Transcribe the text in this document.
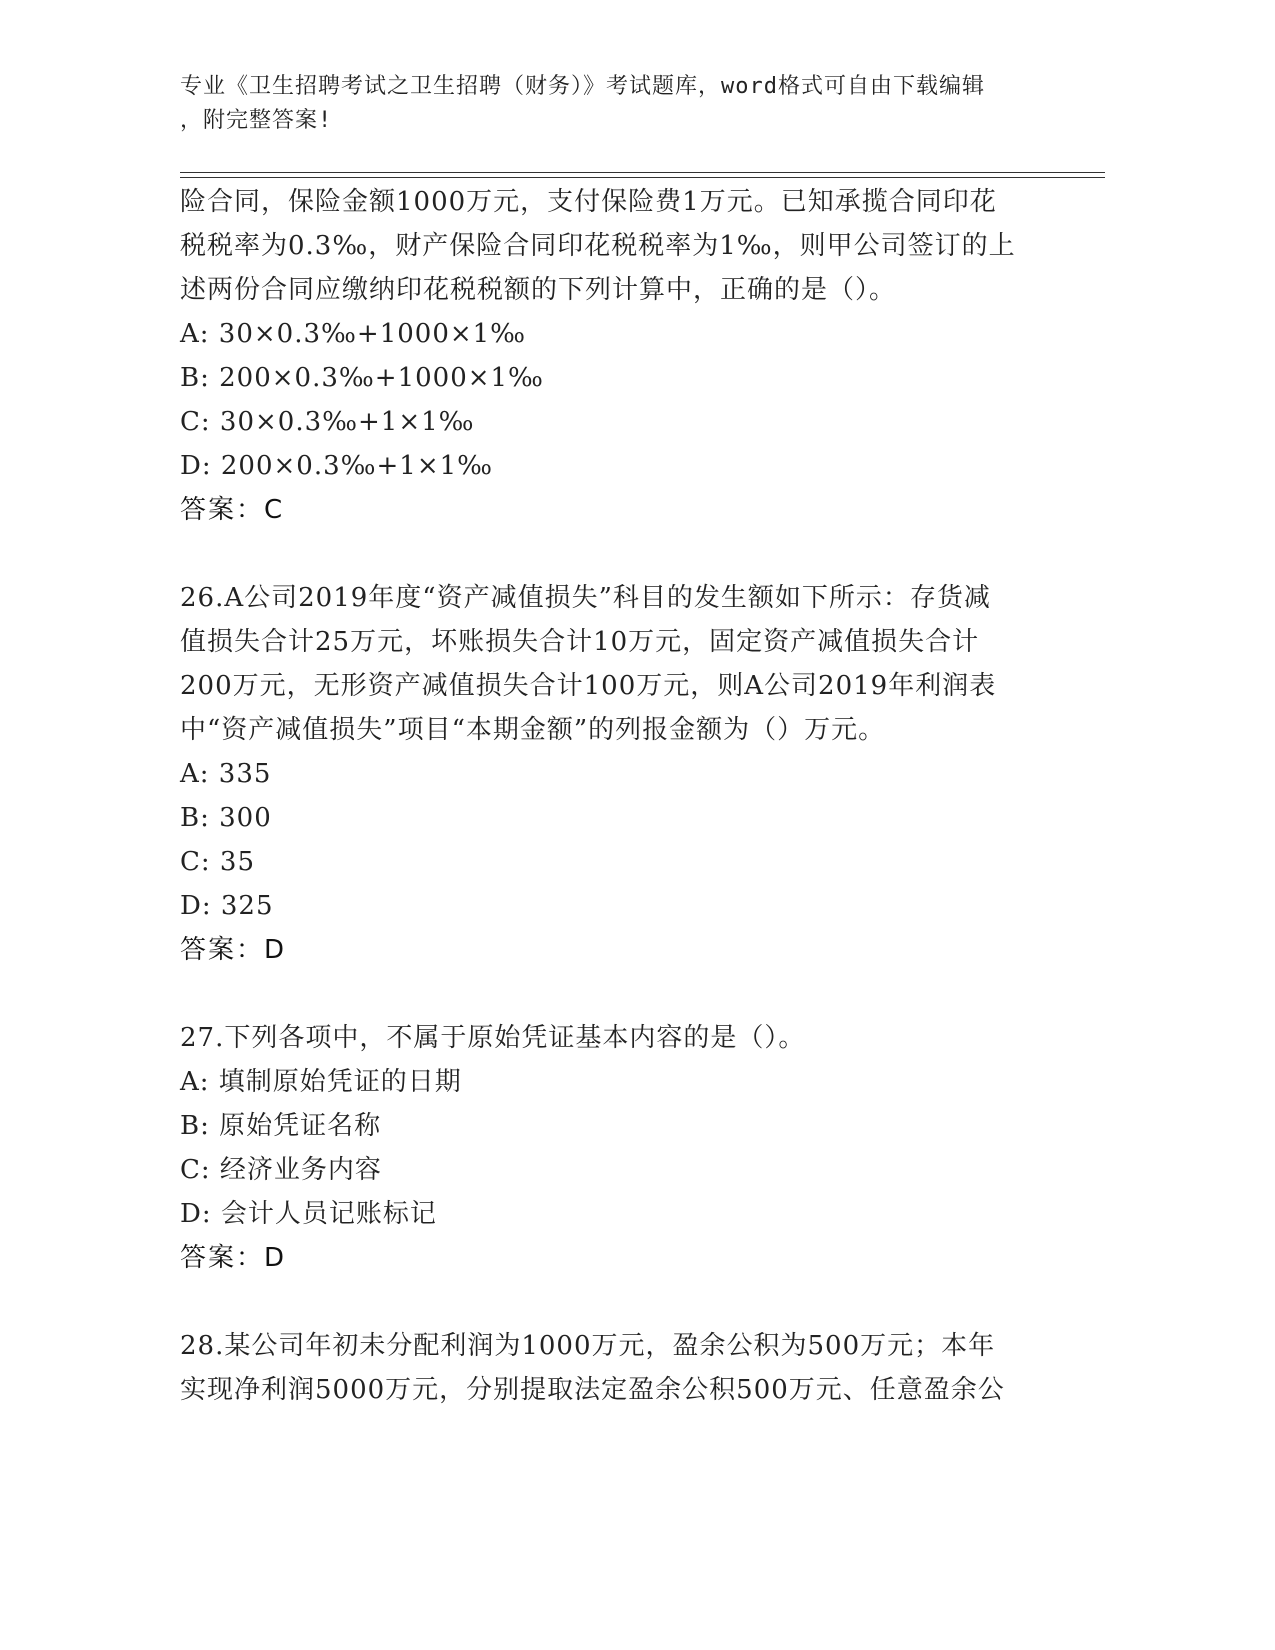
专业《卫生招聘考试之卫生招聘（财务）》考试题库，word格式可自由下载编辑
，附完整答案!
险合同，保险金额1000万元，支付保险费1万元。已知承揽合同印花
税税率为0.3‰，财产保险合同印花税税率为1‰，则甲公司签订的上
述两份合同应缴纳印花税税额的下列计算中，正确的是（）。
A: 30×0.3‰+1000×1‰
B: 200×0.3‰+1000×1‰
C: 30×0.3‰+1×1‰
D: 200×0.3‰+1×1‰
答案：C
26.A公司2019年度“资产减值损失”科目的发生额如下所示：存货减
值损失合计25万元，坏账损失合计10万元，固定资产减值损失合计
200万元，无形资产减值损失合计100万元，则A公司2019年利润表
中“资产减值损失”项目“本期金额”的列报金额为（）万元。
A: 335
B: 300
C: 35
D: 325
答案：D
27.下列各项中，不属于原始凭证基本内容的是（）。
A: 填制原始凭证的日期
B: 原始凭证名称
C: 经济业务内容
D: 会计人员记账标记
答案：D
28.某公司年初未分配利润为1000万元，盈余公积为500万元；本年
实现净利润5000万元，分别提取法定盈余公积500万元、任意盈余公
